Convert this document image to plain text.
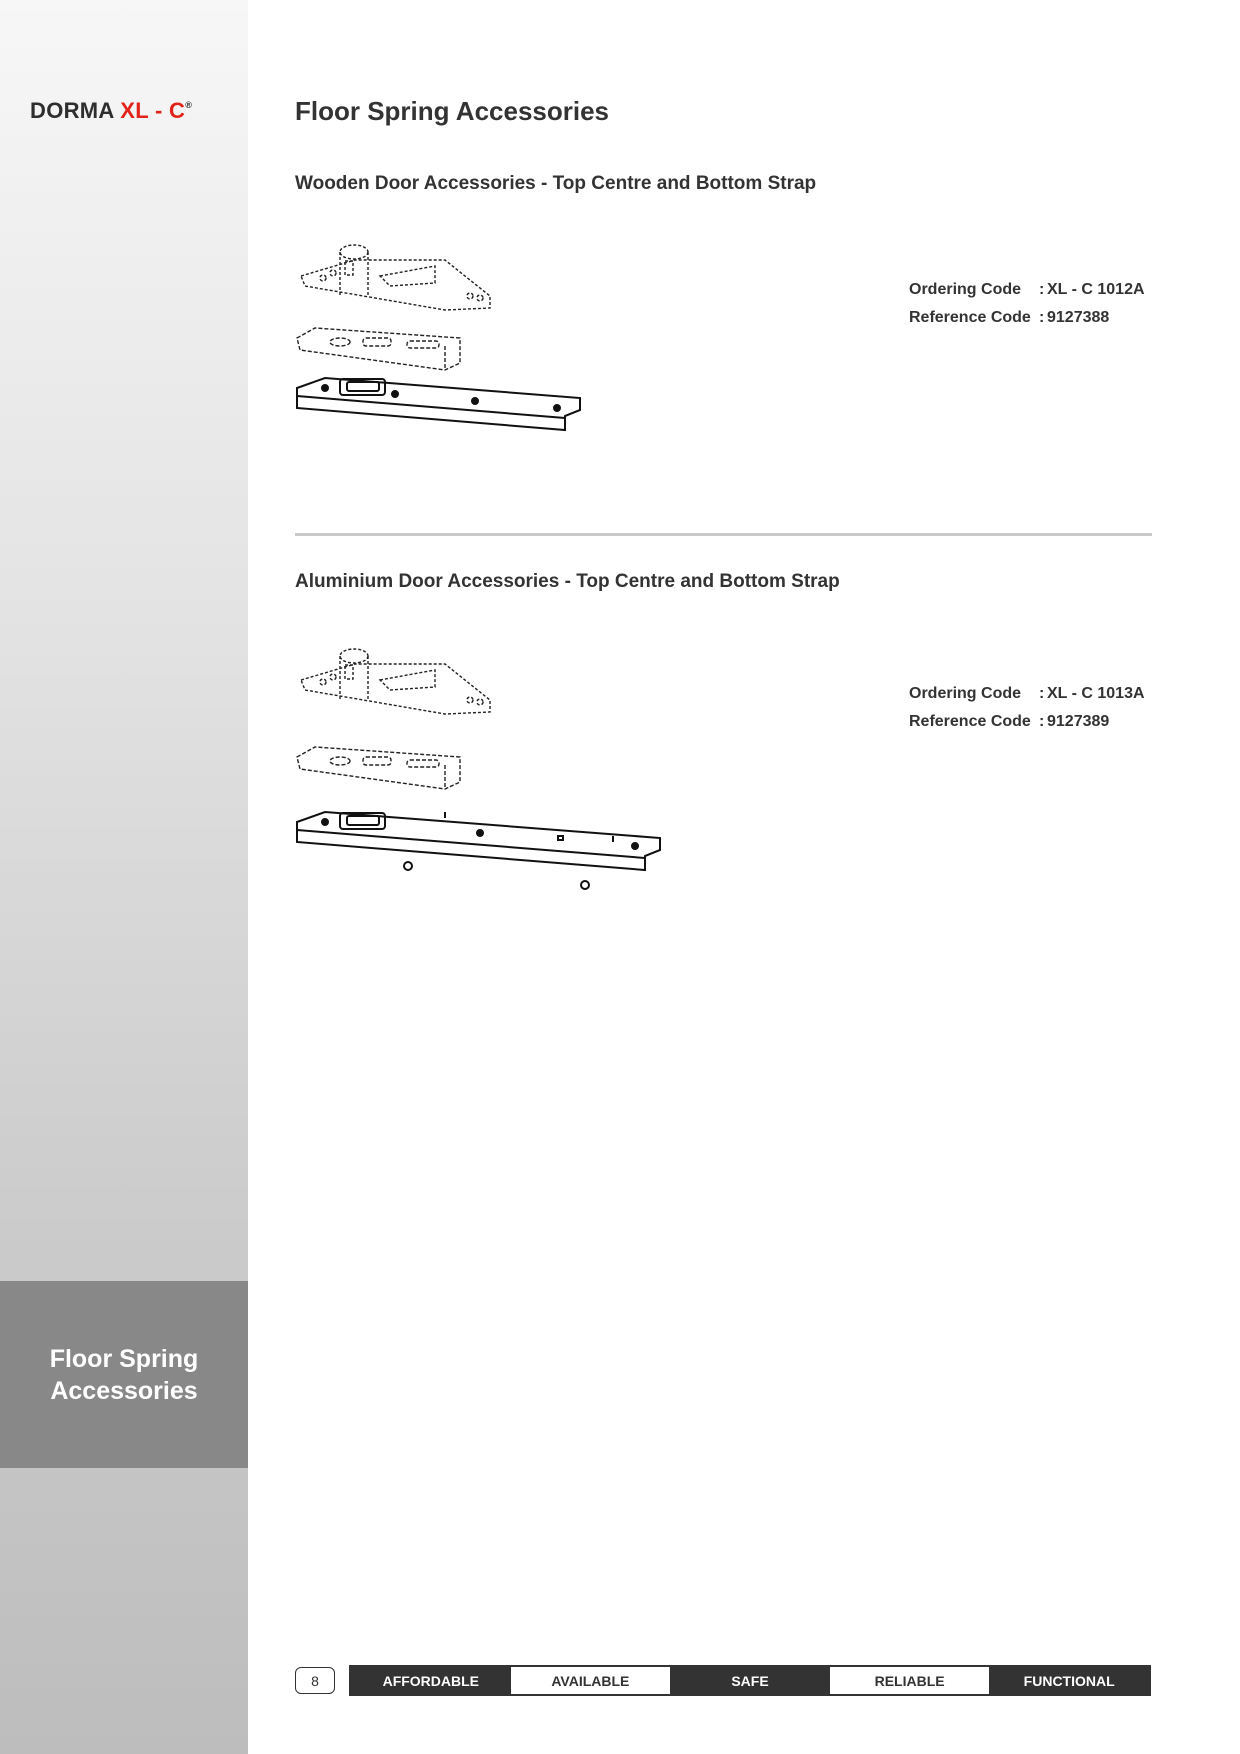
DORMA XL - C®
Floor Spring
Accessories
Floor Spring Accessories
Wooden Door Accessories - Top Centre and Bottom Strap
Ordering Code	: XL - C 1012A
Reference Code : 9127388
Aluminium Door Accessories - Top Centre and Bottom Strap
Ordering Code	: XL - C 1013A
Reference Code : 9127389
8	AFFORDABLE	AVAILABLE	SAFE	RELIABLE	FUNCTIONAL
